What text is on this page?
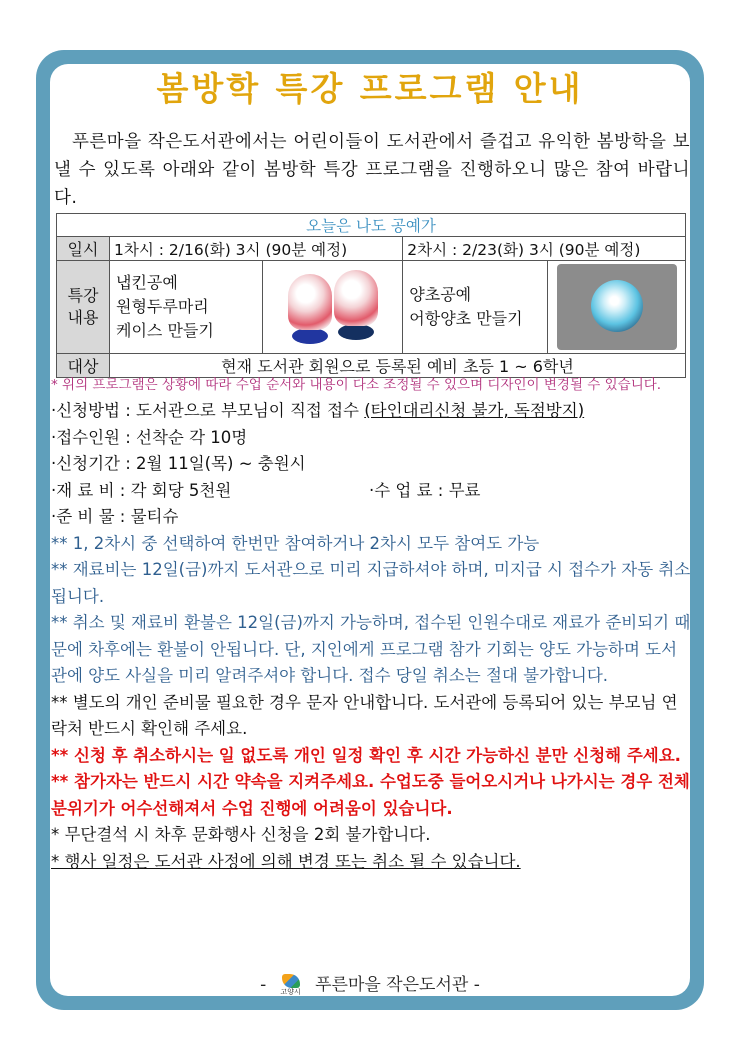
봄방학 특강 프로그램 안내
푸른마을 작은도서관에서는 어린이들이 도서관에서 즐겁고 유익한 봄방학을 보낼 수 있도록 아래와 같이 봄방학 특강 프로그램을 진행하오니 많은 참여 바랍니다.
오늘은 나도 공예가			
일시	1차시 : 2/16(화) 3시 (90분 예정)		2차시 : 2/23(화) 3시 (90분 예정)
특강
내용	냅킨공예
원형두루마리
케이스 만들기		양초공예
어항양초 만들기

대상	현재 도서관 회원으로 등록된 예비 초등 1 ~ 6학년		

* 위의 프로그램은 상황에 따라 수업 순서와 내용이 다소 조정될 수 있으며 디자인이 변경될 수 있습니다.

·신청방법 : 도서관으로 부모님이 직접 접수 (타인대리신청 불가, 독점방지)

·접수인원 : 선착순 각 10명

·신청기간 : 2월 11일(목) ~ 충원시

·재 료 비 : 각 회당 5천원	·수 업 료 : 무료

·준 비 물 : 물티슈

** 1, 2차시 중 선택하여 한번만 참여하거나 2차시 모두 참여도 가능

** 재료비는 12일(금)까지 도서관으로 미리 지급하셔야 하며, 미지급 시 접수가 자동 취소됩니다.

** 취소 및 재료비 환불은 12일(금)까지 가능하며, 접수된 인원수대로 재료가 준비되기 때문에 차후에는 환불이 안됩니다. 단, 지인에게 프로그램 참가 기회는 양도 가능하며 도서관에 양도 사실을 미리 알려주셔야 합니다. 접수 당일 취소는 절대 불가합니다.

** 별도의 개인 준비물 필요한 경우 문자 안내합니다. 도서관에 등록되어 있는 부모님 연락처 반드시 확인해 주세요.

** 신청 후 취소하시는 일 없도록 개인 일정 확인 후 시간 가능하신 분만 신청해 주세요.

** 참가자는 반드시 시간 약속을 지켜주세요. 수업도중 들어오시거나 나가시는 경우 전체 분위기가 어수선해져서 수업 진행에 어려움이 있습니다.

* 무단결석 시 차후 문화행사 신청을 2회 불가합니다.

* 행사 일정은 도서관 사정에 의해 변경 또는 취소 될 수 있습니다.

- 고양시 푸른마을 작은도서관 -
